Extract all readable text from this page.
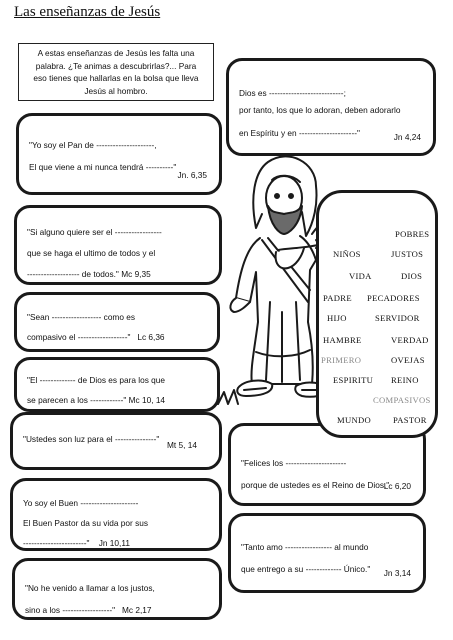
Las enseñanzas de Jesús
A estas enseñanzas de Jesús les falta una
palabra. ¿Te animas a descubrirlas?... Para
eso tienes que hallarlas en la bolsa que lleva
Jesús al hombro.
"Yo soy el Pan de ---------------------,
El que viene a mi nunca tendrá ----------"
Jn. 6,35
"Si alguno quiere ser el -----------------
que se haga el ultimo de todos y el
------------------- de todos." Mc 9,35
"Sean ------------------ como es
compasivo el ------------------" Lc 6,36
"El ------------- de Dios es para los que
se parecen a los ------------" Mc 10, 14
"Ustedes son luz para el ---------------"
Mt 5, 14
Yo soy el Buen ---------------------
El Buen Pastor da su vida por sus
-----------------------" Jn 10,11
"No he venido a llamar a los justos,
sino a los ------------------" Mc 2,17
Dios es ---------------------------;
por tanto, los que lo adoran, deben adorarlo
en Espíritu y en ---------------------"	Jn 4,24
"Felices los ----------------------
porque de ustedes es el Reino de Dios."
Lc 6,20
"Tanto amo ----------------- al mundo
que entrego a su ------------- Único."	Jn 3,14
POBRES
NIÑOS	JUSTOS
VIDA	DIOS
PADRE PECADORES
HIJO	SERVIDOR
HAMBRE	VERDAD
PRIMERO	OVEJAS
ESPIRITU REINO
COMPASIVOS
MUNDO	PASTOR
